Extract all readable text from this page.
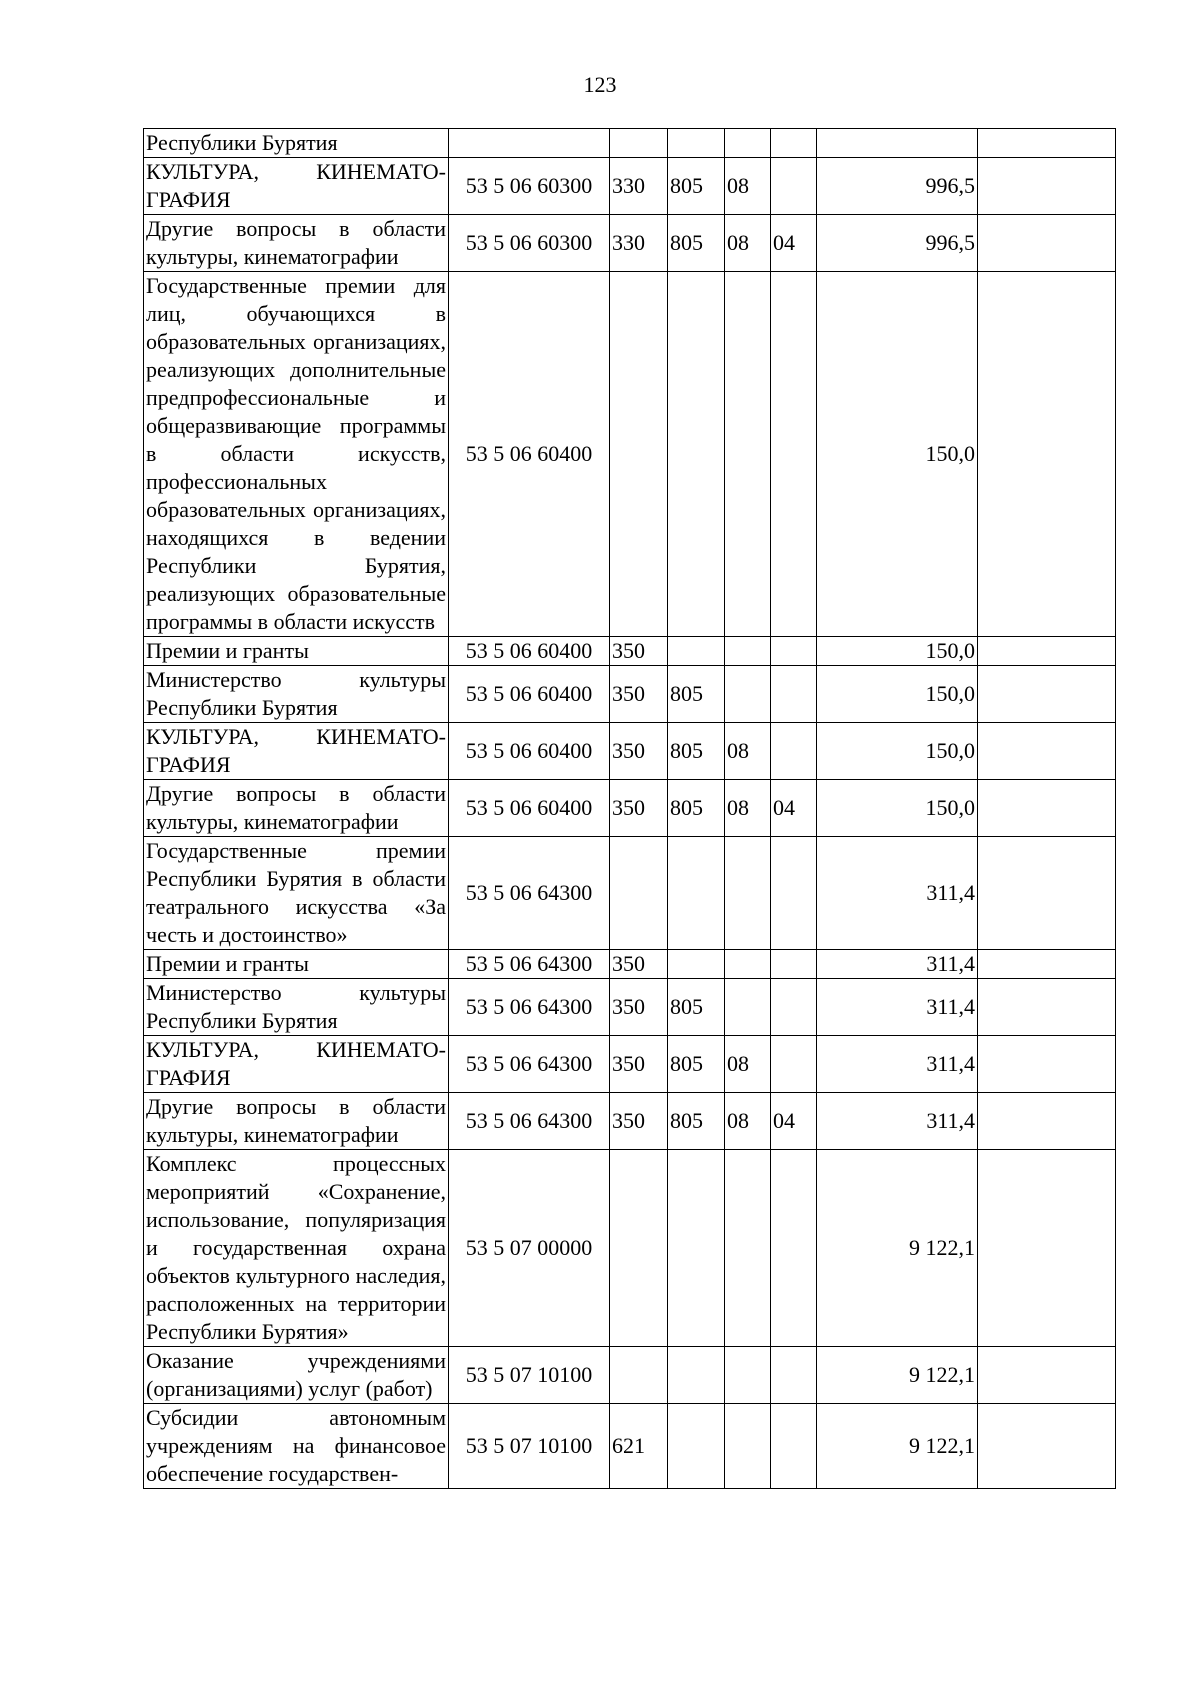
123
Республики Бурятия							
КУЛЬТУРА, КИНЕМАТО-ГРАФИЯ	53 5 06 60300	330	805	08		996,5	
Другие вопросы в области культуры, кинематографии	53 5 06 60300	330	805	08	04	996,5	
Государственные премии для лиц, обучающихся в образовательных организациях, реализующих дополнительные предпрофессиональные и общеразвивающие программы в области искусств, профессиональных образовательных организациях, находящихся в ведении Республики Бурятия, реализующих образовательные программы в области искусств	53 5 06 60400					150,0	
Премии и гранты	53 5 06 60400	350				150,0	
Министерство культуры Республики Бурятия	53 5 06 60400	350	805			150,0	
КУЛЬТУРА, КИНЕМАТО-ГРАФИЯ	53 5 06 60400	350	805	08		150,0	
Другие вопросы в области культуры, кинематографии	53 5 06 60400	350	805	08	04	150,0	
Государственные премии Республики Бурятия в области театрального искусства «За честь и достоинство»	53 5 06 64300					311,4	
Премии и гранты	53 5 06 64300	350				311,4	
Министерство культуры Республики Бурятия	53 5 06 64300	350	805			311,4	
КУЛЬТУРА, КИНЕМАТО-ГРАФИЯ	53 5 06 64300	350	805	08		311,4	
Другие вопросы в области культуры, кинематографии	53 5 06 64300	350	805	08	04	311,4	
Комплекс процессных мероприятий «Сохранение, использование, популяризация и государственная охрана объектов культурного наследия, расположенных на территории Республики Бурятия»	53 5 07 00000					9 122,1	
Оказание учреждениями (организациями) услуг (работ)	53 5 07 10100					9 122,1	
Субсидии автономным учреждениям на финансовое обеспечение государствен-	53 5 07 10100	621				9 122,1	
